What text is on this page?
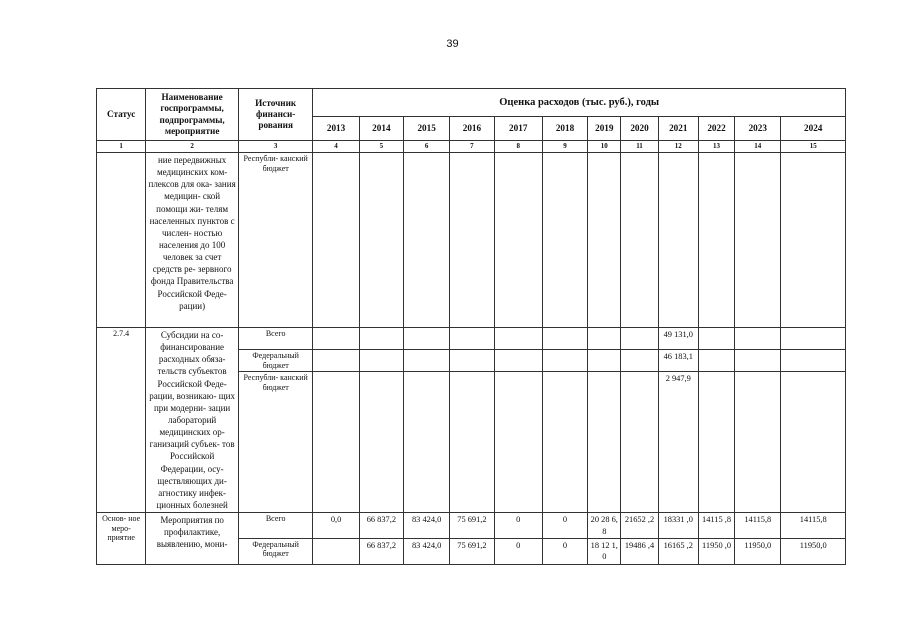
39
Статус	Наименование госпрограммы, подпрограммы, мероприятие	Источник финанси- рования	Оценка расходов (тыс. руб.), годы											
			2013	2014	2015	2016	2017	2018	2019	2020	2021	2022	2023	2024
1	2	3	4	5	6	7	8	9	10	11	12	13	14	15
	ние передвижных медицинских ком- плексов для ока- зания медицин- ской помощи жи- телям населенных пунктов с числен- ностью населения до 100 человек за счет средств ре- зервного фонда Правительства Российской Феде- рации)	Республи- канский бюджет												
2.7.4	Субсидии на со- финансирование расходных обяза- тельств субъектов Российской Феде- рации, возникаю- щих при модерни- зации лабораторий медицинских ор- ганизаций субъек- тов Российской Федерации, осу- ществляющих ди- агностику инфек- ционных болезней	Всего									49 131,0			
		Федеральный бюджет									46 183,1			
		Республи- канский бюджет									2 947,9			
Основ- ное меро- приятие	Мероприятия по профилактике, выявлению, мони-	Всего	0,0	66 837,2	83 424,0	75 691,2	0	0	20 28 6,8	21652 ,2	18331 ,0	14115 ,8	14115,8	14115,8
		Федеральный бюджет		66 837,2	83 424,0	75 691,2	0	0	18 12 1,0	19486 ,4	16165 ,2	11950 ,0	11950,0	11950,0
